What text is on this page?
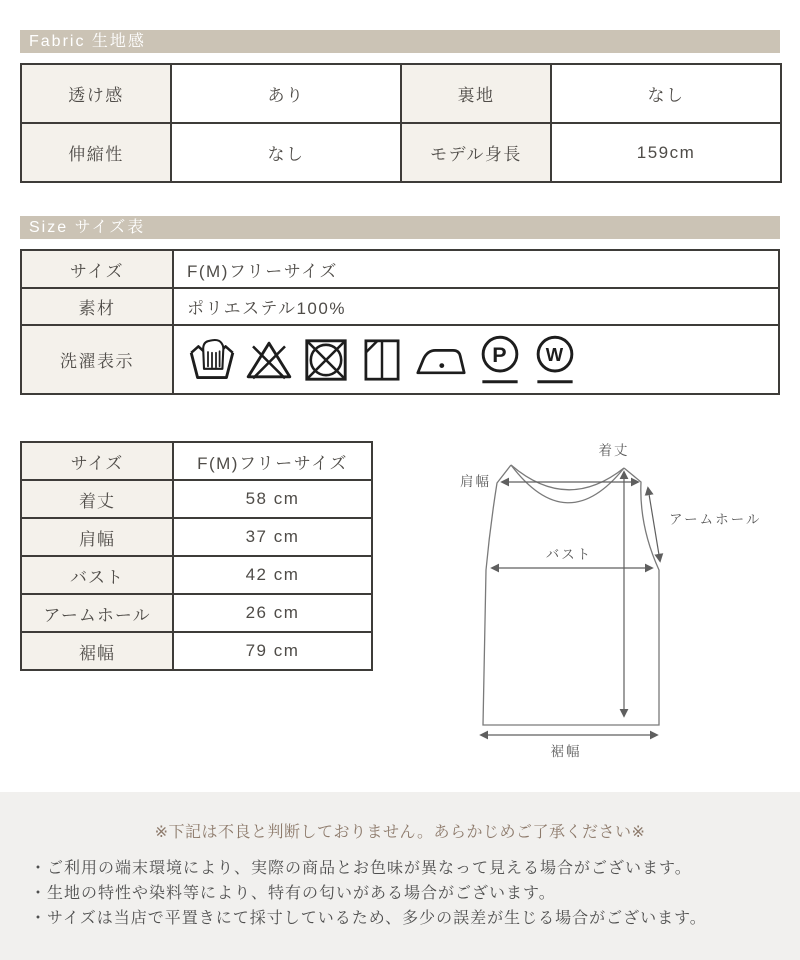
Fabric 生地感
透け感	あり	裏地	なし
伸縮性	なし	モデル身長	159cm
Size サイズ表
サイズ	F(M)フリーサイズ
素材	ポリエステル100%
洗濯表示	P W
サイズ	F(M)フリーサイズ
着丈	58 cm
肩幅	37 cm
バスト	42 cm
アームホール	26 cm
裾幅	79 cm
着丈
肩幅
アームホール
バスト
裾幅

※下記は不良と判断しておりません。あらかじめご了承ください※

・ご利用の端末環境により、実際の商品とお色味が異なって見える場合がございます。

・生地の特性や染料等により、特有の匂いがある場合がございます。

・サイズは当店で平置きにて採寸しているため、多少の誤差が生じる場合がございます。
